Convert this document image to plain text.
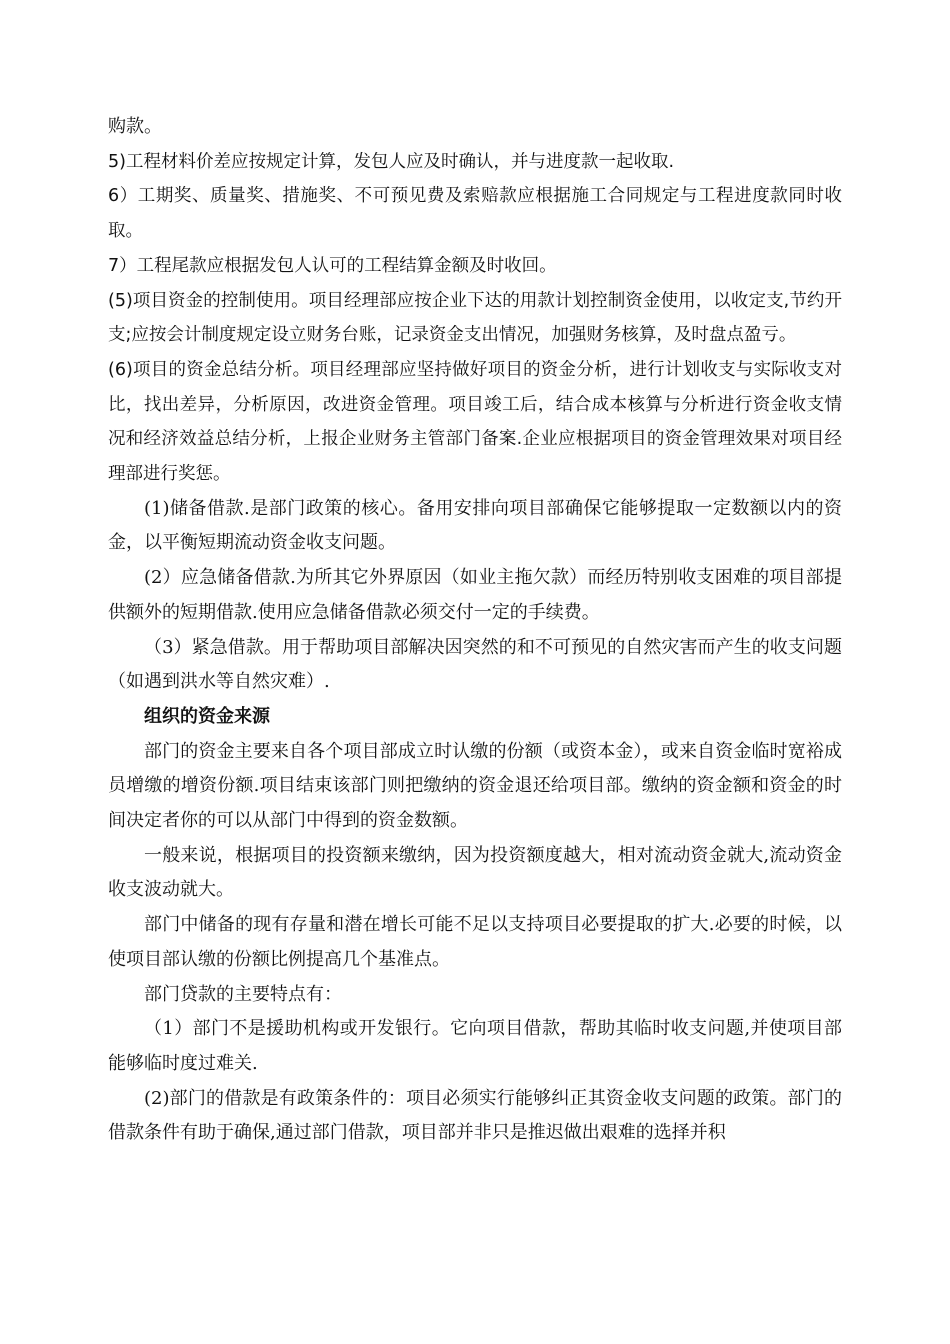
购款。

5)工程材料价差应按规定计算，发包人应及时确认，并与进度款一起收取.

6）工期奖、质量奖、措施奖、不可预见费及索赔款应根据施工合同规定与工程进度款同时收取。

7）工程尾款应根据发包人认可的工程结算金额及时收回。

(5)项目资金的控制使用。项目经理部应按企业下达的用款计划控制资金使用，以收定支,节约开支;应按会计制度规定设立财务台账，记录资金支出情况，加强财务核算，及时盘点盈亏。

(6)项目的资金总结分析。项目经理部应坚持做好项目的资金分析，进行计划收支与实际收支对比，找出差异，分析原因，改进资金管理。项目竣工后，结合成本核算与分析进行资金收支情况和经济效益总结分析，上报企业财务主管部门备案.企业应根据项目的资金管理效果对项目经理部进行奖惩。

(1)储备借款.是部门政策的核心。备用安排向项目部确保它能够提取一定数额以内的资金，以平衡短期流动资金收支问题。

(2）应急储备借款.为所其它外界原因（如业主拖欠款）而经历特别收支困难的项目部提供额外的短期借款.使用应急储备借款必须交付一定的手续费。

（3）紧急借款。用于帮助项目部解决因突然的和不可预见的自然灾害而产生的收支问题（如遇到洪水等自然灾难）.

组织的资金来源

部门的资金主要来自各个项目部成立时认缴的份额（或资本金），或来自资金临时宽裕成员增缴的增资份额.项目结束该部门则把缴纳的资金退还给项目部。缴纳的资金额和资金的时间决定者你的可以从部门中得到的资金数额。

一般来说，根据项目的投资额来缴纳，因为投资额度越大，相对流动资金就大,流动资金收支波动就大。

部门中储备的现有存量和潜在增长可能不足以支持项目必要提取的扩大.必要的时候，以使项目部认缴的份额比例提高几个基准点。

部门贷款的主要特点有：

（1）部门不是援助机构或开发银行。它向项目借款，帮助其临时收支问题,并使项目部能够临时度过难关.

(2)部门的借款是有政策条件的：项目必须实行能够纠正其资金收支问题的政策。部门的借款条件有助于确保,通过部门借款，项目部并非只是推迟做出艰难的选择并积
